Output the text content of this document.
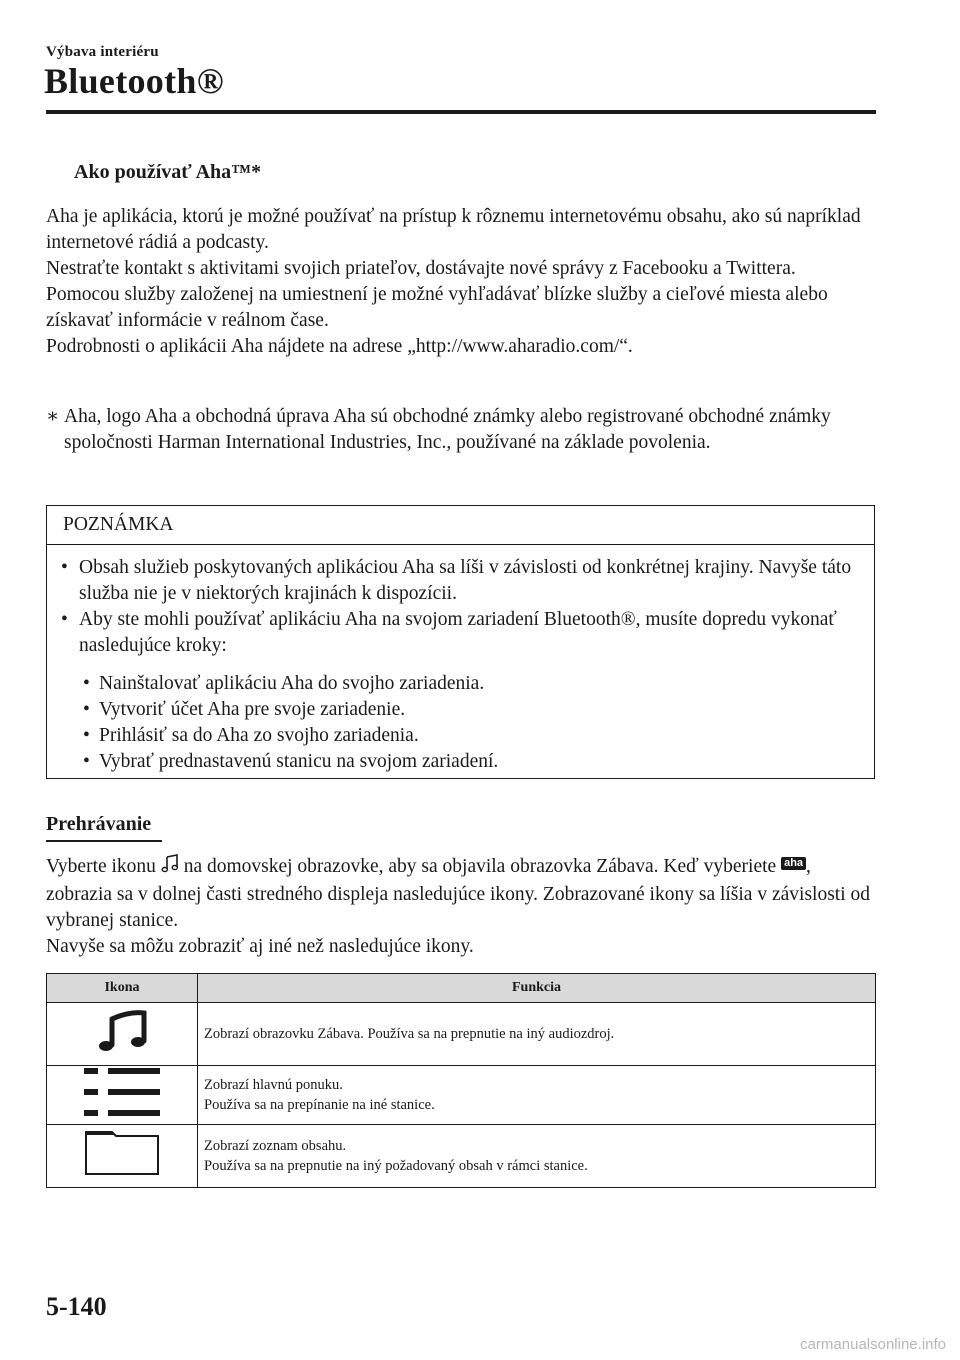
Výbava interiéru
Bluetooth®
Ako používať Aha™*

Aha je aplikácia, ktorú je možné používať na prístup k rôznemu internetovému obsahu, ako sú napríklad internetové rádiá a podcasty.

Nestraťte kontakt s aktivitami svojich priateľov, dostávajte nové správy z Facebooku a Twittera.

Pomocou služby založenej na umiestnení je možné vyhľadávať blízke služby a cieľové miesta alebo získavať informácie v reálnom čase.

Podrobnosti o aplikácii Aha nájdete na adrese „http://www.aharadio.com/“.

∗ Aha, logo Aha a obchodná úprava Aha sú obchodné známky alebo registrované obchodné známky spoločnosti Harman International Industries, Inc., používané na základe povolenia.
POZNÁMKA
• Obsah služieb poskytovaných aplikáciou Aha sa líši v závislosti od konkrétnej krajiny. Navyše táto služba nie je v niektorých krajinách k dispozícii.
• Aby ste mohli používať aplikáciu Aha na svojom zariadení Bluetooth®, musíte dopredu vykonať nasledujúce kroky:
• Nainštalovať aplikáciu Aha do svojho zariadenia.
• Vytvoriť účet Aha pre svoje zariadenie.
• Prihlásiť sa do Aha zo svojho zariadenia.
• Vybrať prednastavenú stanicu na svojom zariadení.
Prehrávanie

Vyberte ikonu  na domovskej obrazovke, aby sa objavila obrazovka Zábava. Keď vyberiete aha , zobrazia sa v dolnej časti stredného displeja nasledujúce ikony. Zobrazované ikony sa líšia v závislosti od vybranej stanice.

Navyše sa môžu zobraziť aj iné než nasledujúce ikony.

Ikona	Funkcia

Zobrazí obrazovku Zábava. Používa sa na prepnutie na iný audiozdroj.

Zobrazí hlavnú ponuku.
Používa sa na prepínanie na iné stanice.

Zobrazí zoznam obsahu.
Používa sa na prepnutie na iný požadovaný obsah v rámci stanice.
5-140
carmanualsonline.info
